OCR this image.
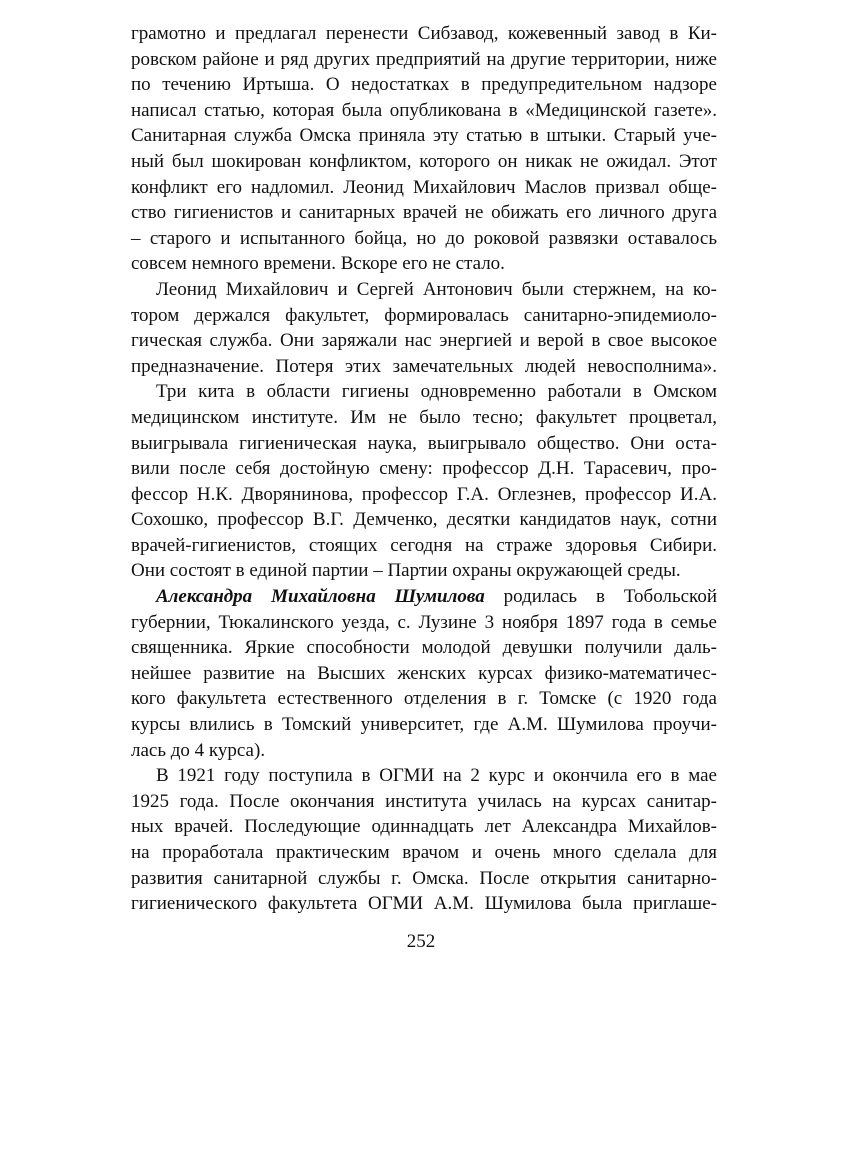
грамотно и предлагал перенести Сибзавод, кожевенный завод в Ки-
ровском районе и ряд других предприятий на другие территории, ниже
по течению Иртыша. О недостатках в предупредительном надзоре
написал статью, которая была опубликована в «Медицинской газете».
Санитарная служба Омска приняла эту статью в штыки. Старый уче-
ный был шокирован конфликтом, которого он никак не ожидал. Этот
конфликт его надломил. Леонид Михайлович Маслов призвал обще-
ство гигиенистов и санитарных врачей не обижать его личного друга
– старого и испытанного бойца, но до роковой развязки оставалось
совсем немного времени. Вскоре его не стало.
Леонид Михайлович и Сергей Антонович были стержнем, на ко-
тором держался факультет, формировалась санитарно-эпидемиоло-
гическая служба. Они заряжали нас энергией и верой в свое высокое
предназначение. Потеря этих замечательных людей невосполнима».
Три кита в области гигиены одновременно работали в Омском
медицинском институте. Им не было тесно; факультет процветал,
выигрывала гигиеническая наука, выигрывало общество. Они оста-
вили после себя достойную смену: профессор Д.Н. Тарасевич, про-
фессор Н.К. Дворянинова, профессор Г.А. Оглезнев, профессор И.А.
Сохошко, профессор В.Г. Демченко, десятки кандидатов наук, сотни
врачей-гигиенистов, стоящих сегодня на страже здоровья Сибири.
Они состоят в единой партии – Партии охраны окружающей среды.
Александра Михайловна Шумилова родилась в Тобольской
губернии, Тюкалинского уезда, с. Лузине 3 ноября 1897 года в семье
священника. Яркие способности молодой девушки получили даль-
нейшее развитие на Высших женских курсах физико-математичес-
кого факультета естественного отделения в г. Томске (с 1920 года
курсы влились в Томский университет, где А.М. Шумилова проучи-
лась до 4 курса).
В 1921 году поступила в ОГМИ на 2 курс и окончила его в мае
1925 года. После окончания института училась на курсах санитар-
ных врачей. Последующие одиннадцать лет Александра Михайлов-
на проработала практическим врачом и очень много сделала для
развития санитарной службы г. Омска. После открытия санитарно-
гигиенического факультета ОГМИ А.М. Шумилова была приглаше-
252
